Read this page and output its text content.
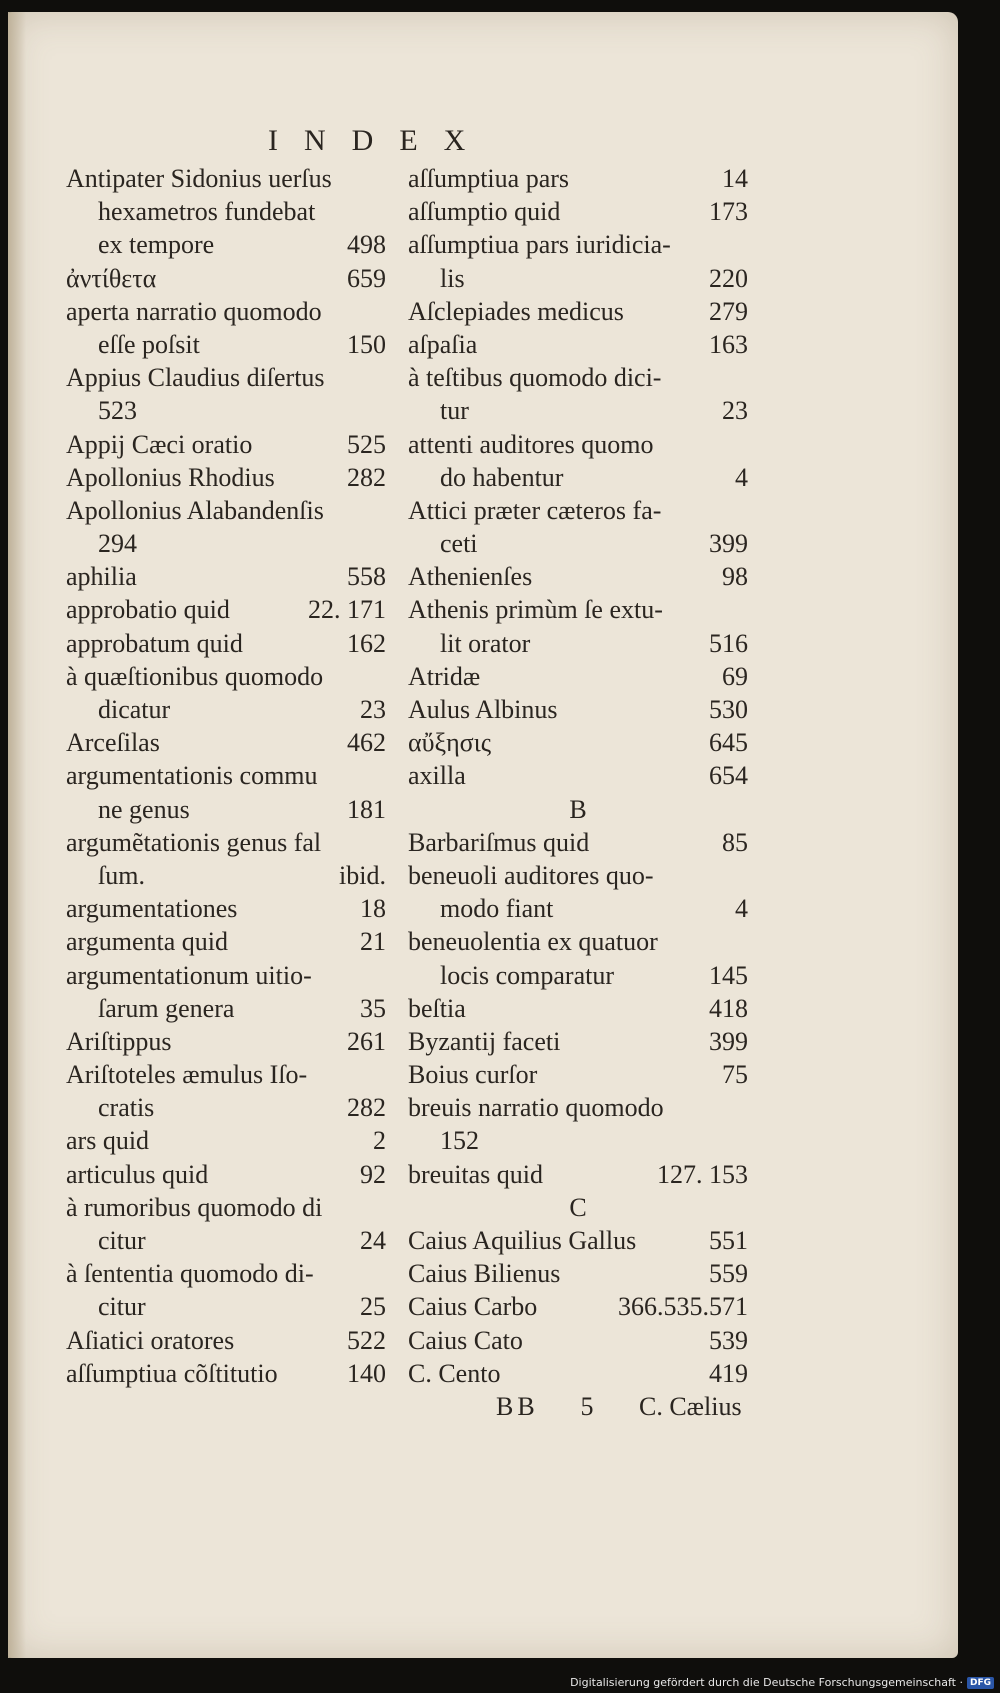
INDEX
Antipater Sidonius uerſus
hexametros fundebat
ex tempore	498
ἀντίθετα	659
aperta narratio quomodo
eſſe poſsit	150
Appius Claudius diſertus
523
Appij Cæci oratio	525
Apollonius Rhodius	282
Apollonius Alabandenſis
294
aphilia	558
approbatio quid	22. 171
approbatum quid	162
à quæſtionibus quomodo
dicatur	23
Arceſilas	462
argumentationis commu
ne genus	181
argumẽtationis genus fal
ſum.	ibid.
argumentationes	18
argumenta quid	21
argumentationum uitio-
ſarum genera	35
Ariſtippus	261
Ariſtoteles æmulus Iſo-
cratis	282
ars quid	2
articulus quid	92
à rumoribus quomodo di
citur	24
à ſententia quomodo di-
citur	25
Aſiatici oratores	522
aſſumptiua cõſtitutio	140
aſſumptiua pars	14
aſſumptio quid	173
aſſumptiua pars iuridicia-
lis	220
Aſclepiades medicus	279
aſpaſia	163
à teſtibus quomodo dici-
tur	23
attenti auditores quomo
do habentur	4
Attici præter cæteros fa-
ceti	399
Athenienſes	98
Athenis primùm ſe extu-
lit orator	516
Atridæ	69
Aulus Albinus	530
αὔξησις	645
axilla	654
B
Barbariſmus quid	85
beneuoli auditores quo-
modo fiant	4
beneuolentia ex quatuor
locis comparatur	145
beſtia	418
Byzantij faceti	399
Boius curſor	75
breuis narratio quomodo
152
breuitas quid	127. 153
C
Caius Aquilius Gallus	551
Caius Bilienus	559
Caius Carbo	366.535.571
Caius Cato	539
C. Cento	419
BB 5 C. Cælius
Digitalisierung gefördert durch die Deutsche Forschungsgemeinschaft · DFG
